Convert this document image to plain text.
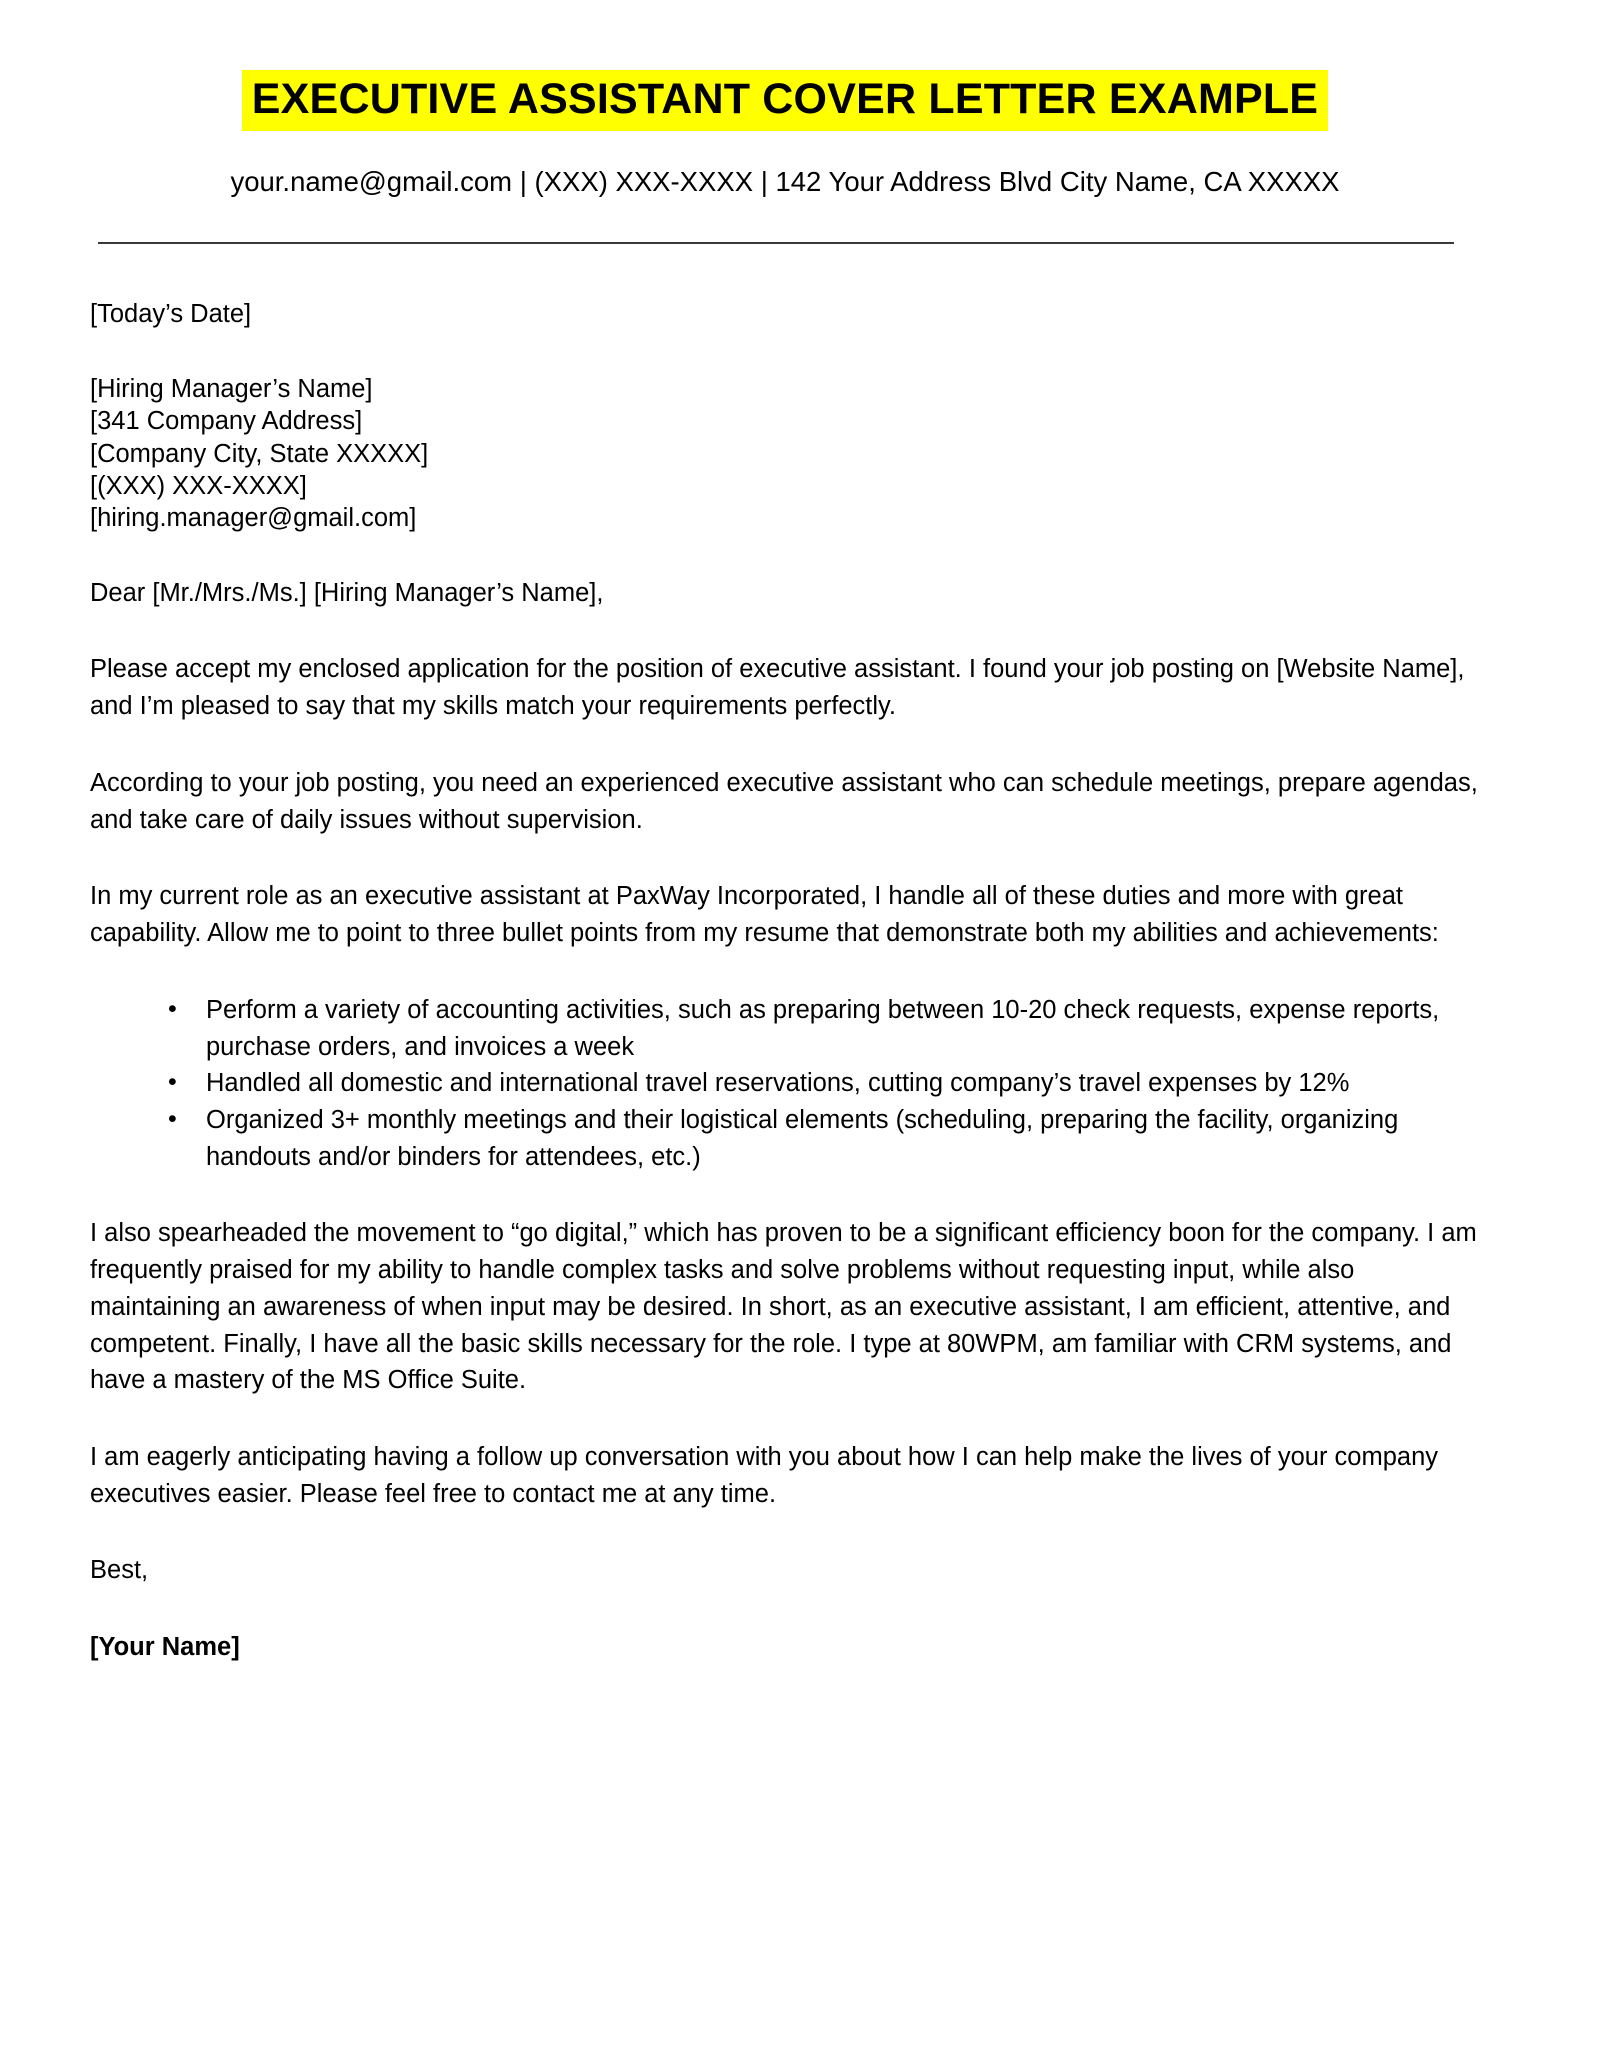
EXECUTIVE ASSISTANT COVER LETTER EXAMPLE
your.name@gmail.com | (XXX) XXX-XXXX | 142 Your Address Blvd City Name, CA XXXXX

[Today’s Date]

[Hiring Manager’s Name]

[341 Company Address]

[Company City, State XXXXX]

[(XXX) XXX-XXXX]

[hiring.manager@gmail.com]

Dear [Mr./Mrs./Ms.] [Hiring Manager’s Name],

Please accept my enclosed application for the position of executive assistant. I found your job posting on [Website Name], and I’m pleased to say that my skills match your requirements perfectly.

According to your job posting, you need an experienced executive assistant who can schedule meetings, prepare agendas, and take care of daily issues without supervision.

In my current role as an executive assistant at PaxWay Incorporated, I handle all of these duties and more with great capability. Allow me to point to three bullet points from my resume that demonstrate both my abilities and achievements:

• Perform a variety of accounting activities, such as preparing between 10-20 check requests, expense reports, purchase orders, and invoices a week
• Handled all domestic and international travel reservations, cutting company’s travel expenses by 12%
• Organized 3+ monthly meetings and their logistical elements (scheduling, preparing the facility, organizing handouts and/or binders for attendees, etc.)

I also spearheaded the movement to “go digital,” which has proven to be a significant efficiency boon for the company. I am frequently praised for my ability to handle complex tasks and solve problems without requesting input, while also maintaining an awareness of when input may be desired. In short, as an executive assistant, I am efficient, attentive, and competent. Finally, I have all the basic skills necessary for the role. I type at 80WPM, am familiar with CRM systems, and have a mastery of the MS Office Suite.

I am eagerly anticipating having a follow up conversation with you about how I can help make the lives of your company executives easier. Please feel free to contact me at any time.

Best,

[Your Name]
